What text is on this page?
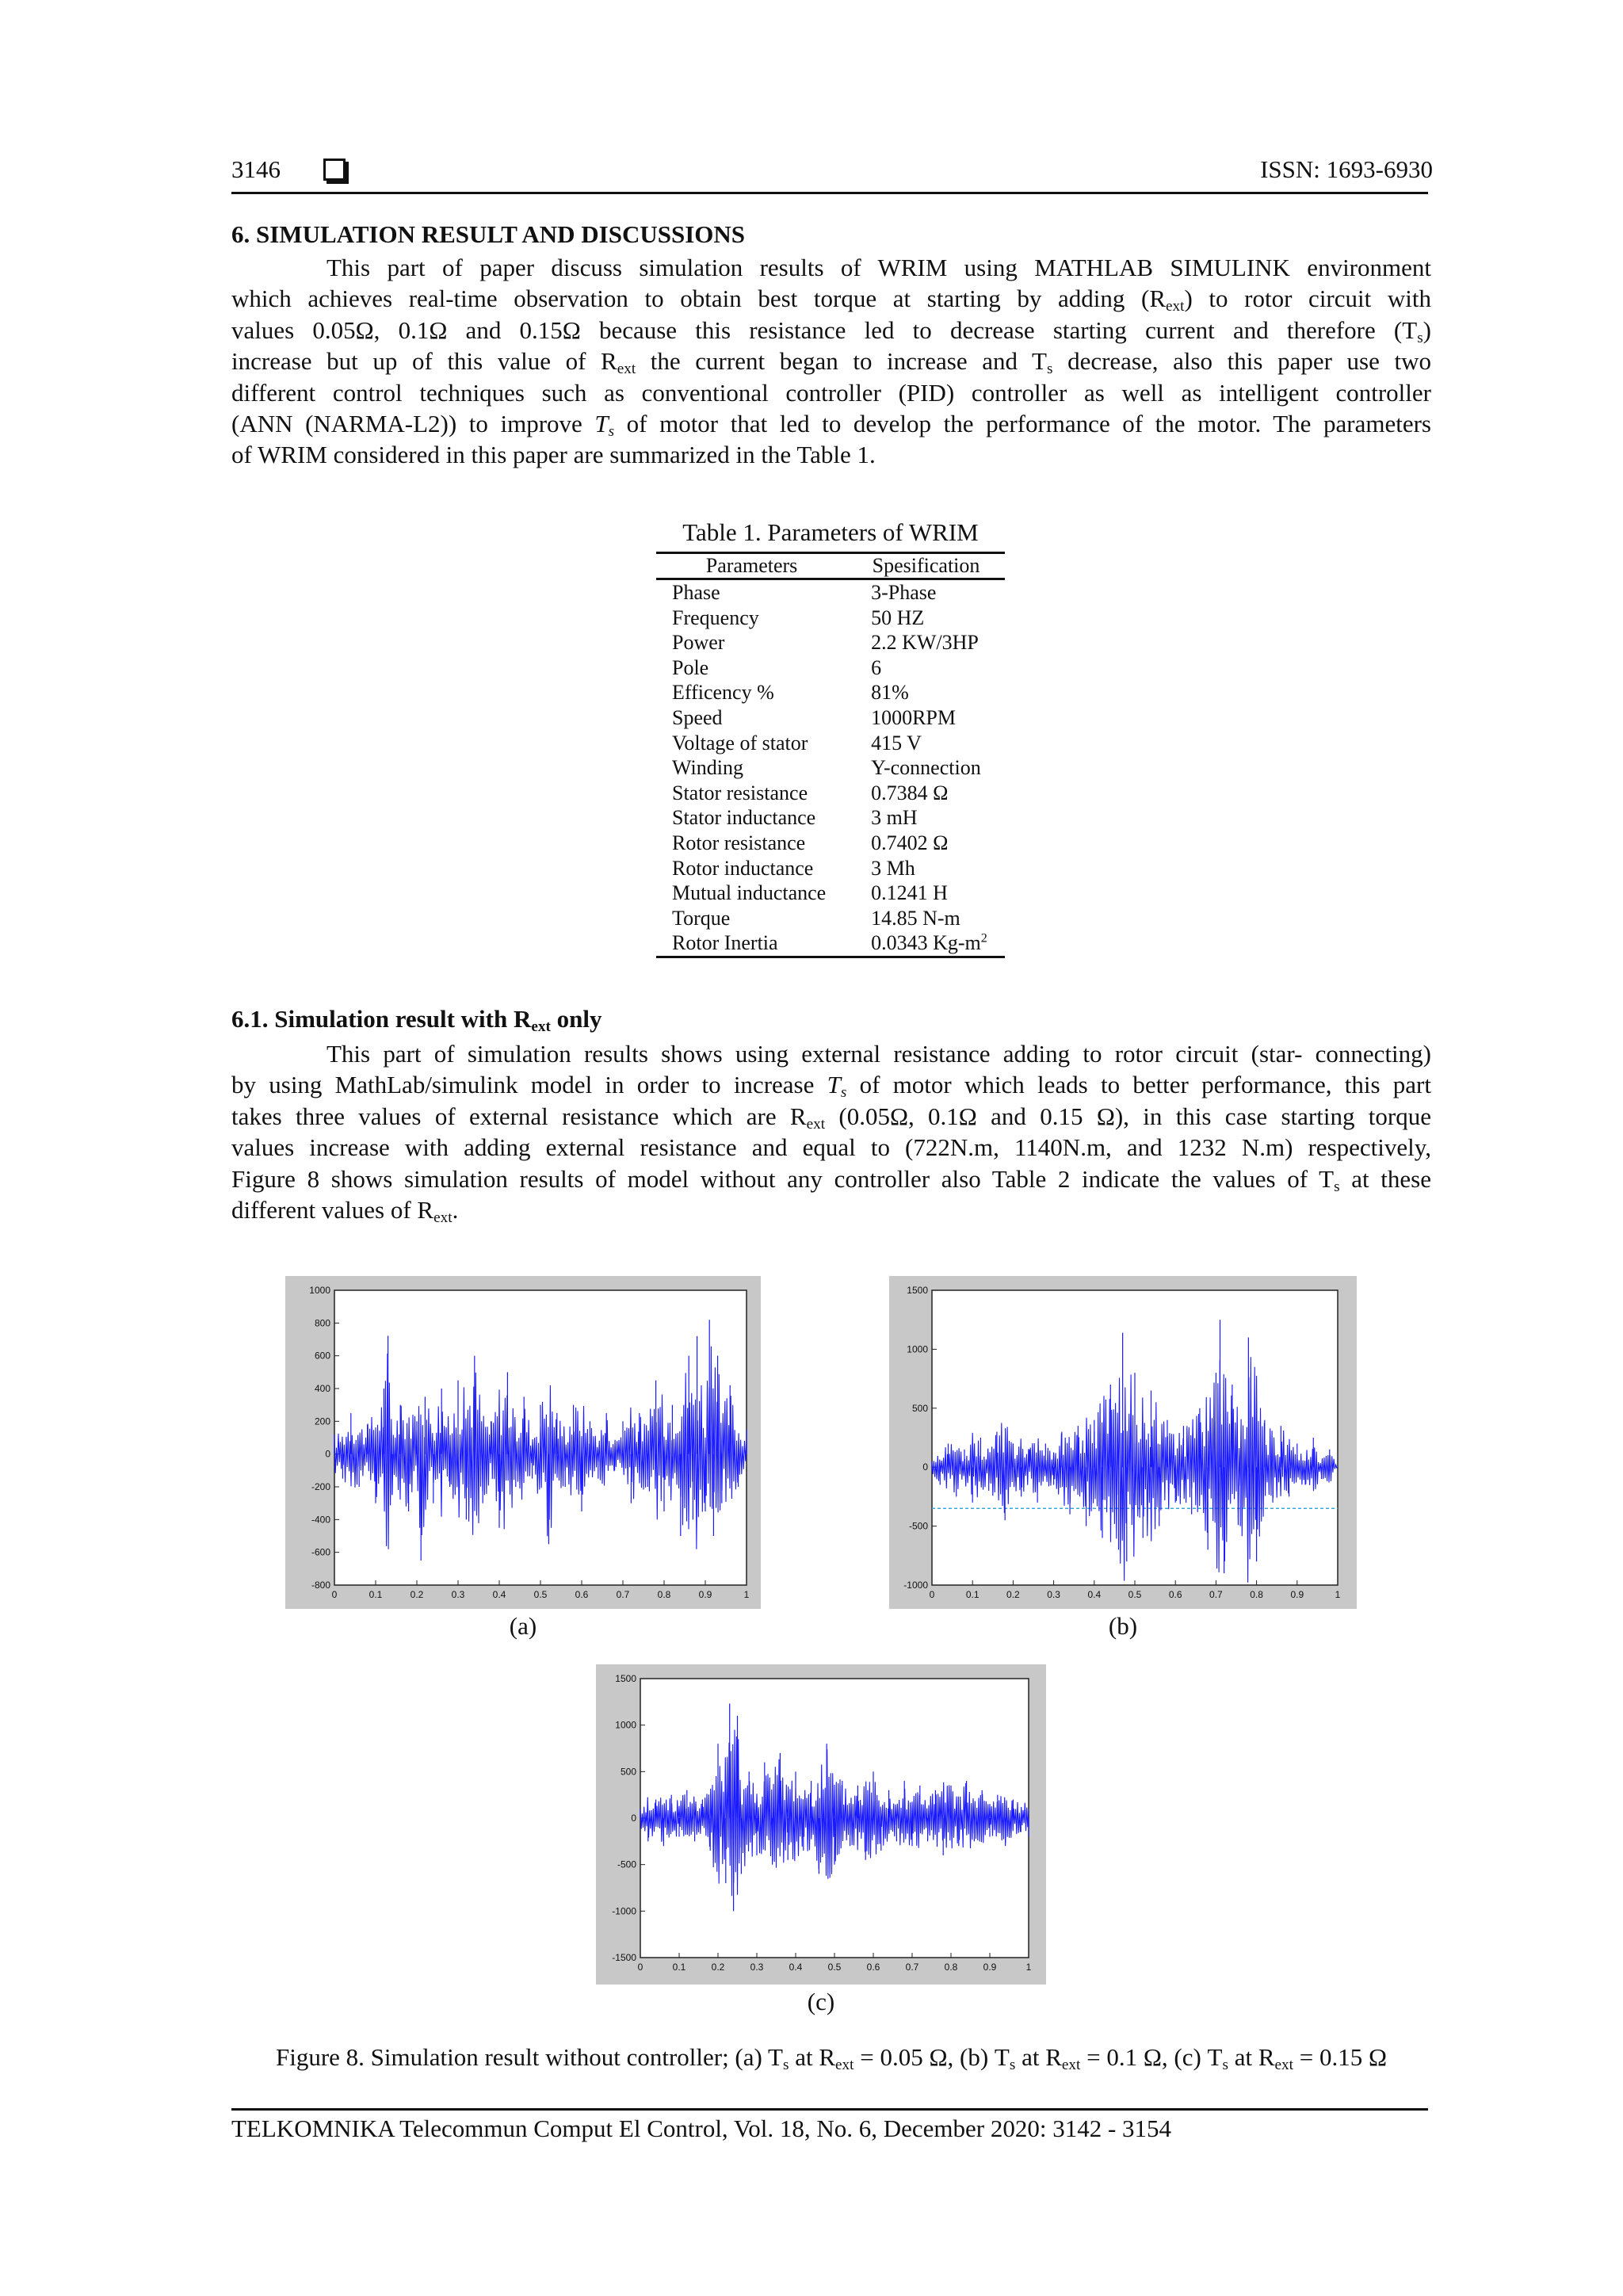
3146	ISSN: 1693-6930
6. SIMULATION RESULT AND DISCUSSIONS
This part of paper discuss simulation results of WRIM using MATHLAB SIMULINK environment
which achieves real-time observation to obtain best torque at starting by adding $(R_{ext})$ to rotor circuit with
values 0.05Ω, 0.1Ω and 0.15Ω because this resistance led to decrease starting current and therefore $(T_s)$
increase but up of this value of $R_{ext}$ the current began to increase and $T_s$ decrease, also this paper use two
different control techniques such as conventional controller (PID) controller as well as intelligent controller
(ANN (NARMA-L2)) to improve $T_s$ of motor that led to develop the performance of the motor. The parameters
of WRIM considered in this paper are summarized in the Table 1.
Table 1. Parameters of WRIM
Parameters	Spesification
Phase	3-Phase
Frequency	50 HZ
Power	2.2 KW/3HP
Pole	6
Efficency %	81%
Speed	1000RPM
Voltage of stator	415 V
Winding	Y-connection
Stator resistance	0.7384 Ω
Stator inductance	3 mH
Rotor resistance	0.7402 Ω
Rotor inductance	3 Mh
Mutual inductance	0.1241 H
Torque	14.85 N-m
Rotor Inertia	0.0343 $Kg-m^2$
6.1. Simulation result with $R_{ext}$ only
This part of simulation results shows using external resistance adding to rotor circuit (star- connecting)
by using MathLab/simulink model in order to increase $T_s$ of motor which leads to better performance, this part
takes three values of external resistance which are $R_{ext}$ (0.05Ω, 0.1Ω and 0.15 Ω), in this case starting torque
values increase with adding external resistance and equal to (722N.m, 1140N.m, and 1232 N.m) respectively,
Figure 8 shows simulation results of model without any controller also Table 2 indicate the values of $T_s$ at these
different values of $R_{ext}$.
1000
800
600
400
200
0
-200
-400
-600
-800
0	0.1	0.2	0.3	0.4	0.5	0.6	0.7	0.8	0.9	1
(a)
1500
1000
500
0
-500
-1000
0	0.1	0.2	0.3	0.4	0.5	0.6	0.7	0.8	0.9	1
(b)
1500
1000
500
0
-500
-1000
-1500
0	0.1	0.2	0.3	0.4	0.5	0.6	0.7	0.8	0.9	1
(c)
Figure 8. Simulation result without controller; (a) $T_s$ at $R_{ext} = 0.05$ Ω, (b) $T_s$ at $R_{ext} = 0.1$ Ω, (c) $T_s$ at $R_{ext} = 0.15$ Ω
TELKOMNIKA Telecommun Comput El Control, Vol. 18, No. 6, December 2020: 3142 - 3154
